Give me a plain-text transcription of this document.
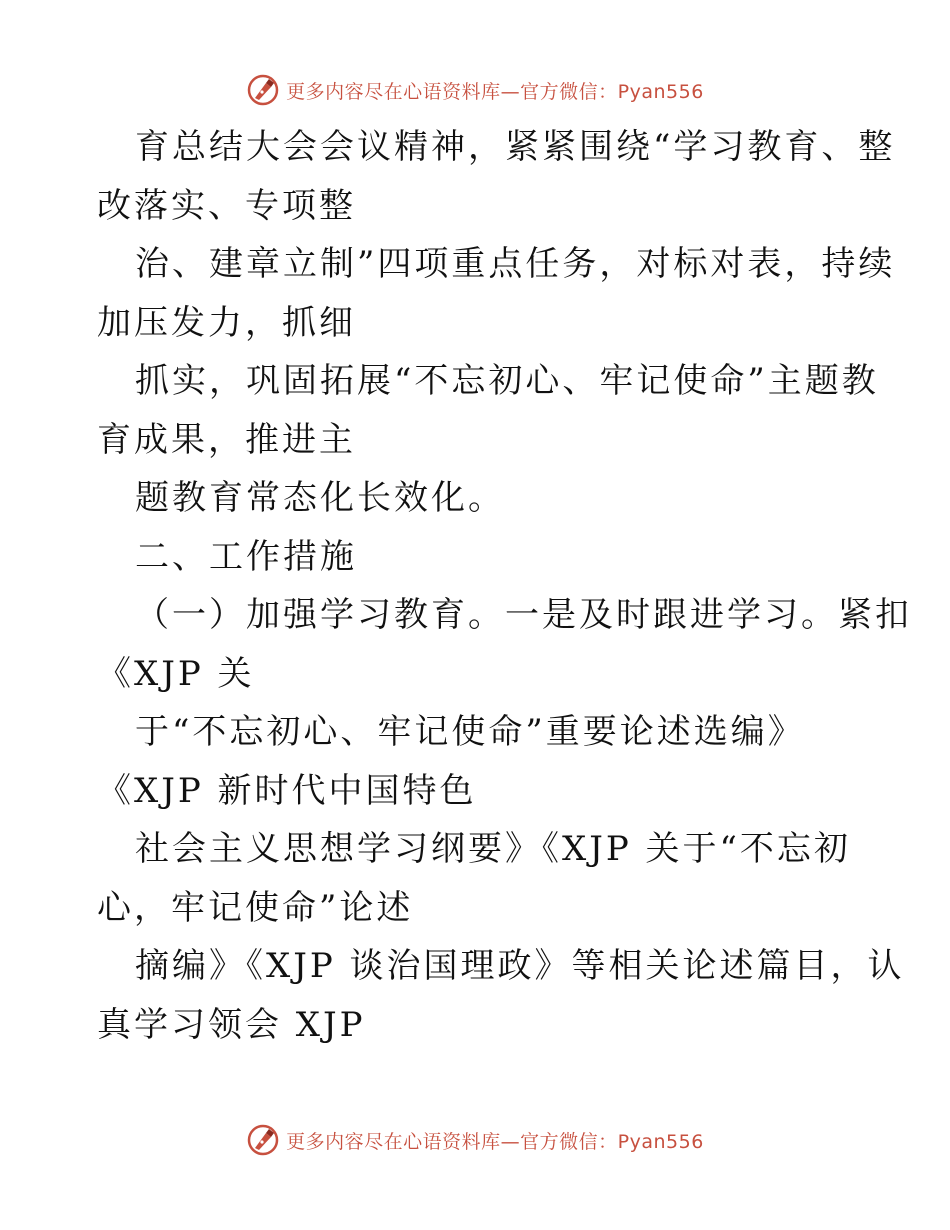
更多内容尽在心语资料库—官方微信：Pyan556
育总结大会会议精神，紧紧围绕“学习教育、整
改落实、专项整
治、建章立制”四项重点任务，对标对表，持续
加压发力，抓细
抓实，巩固拓展“不忘初心、牢记使命”主题教
育成果，推进主
题教育常态化长效化。
二、工作措施
（一）加强学习教育。一是及时跟进学习。紧扣
《XJP 关
于“不忘初心、牢记使命”重要论述选编》
《XJP 新时代中国特色
社会主义思想学习纲要》《XJP 关于“不忘初
心，牢记使命”论述
摘编》《XJP 谈治国理政》等相关论述篇目，认
真学习领会 XJP
更多内容尽在心语资料库—官方微信：Pyan556
